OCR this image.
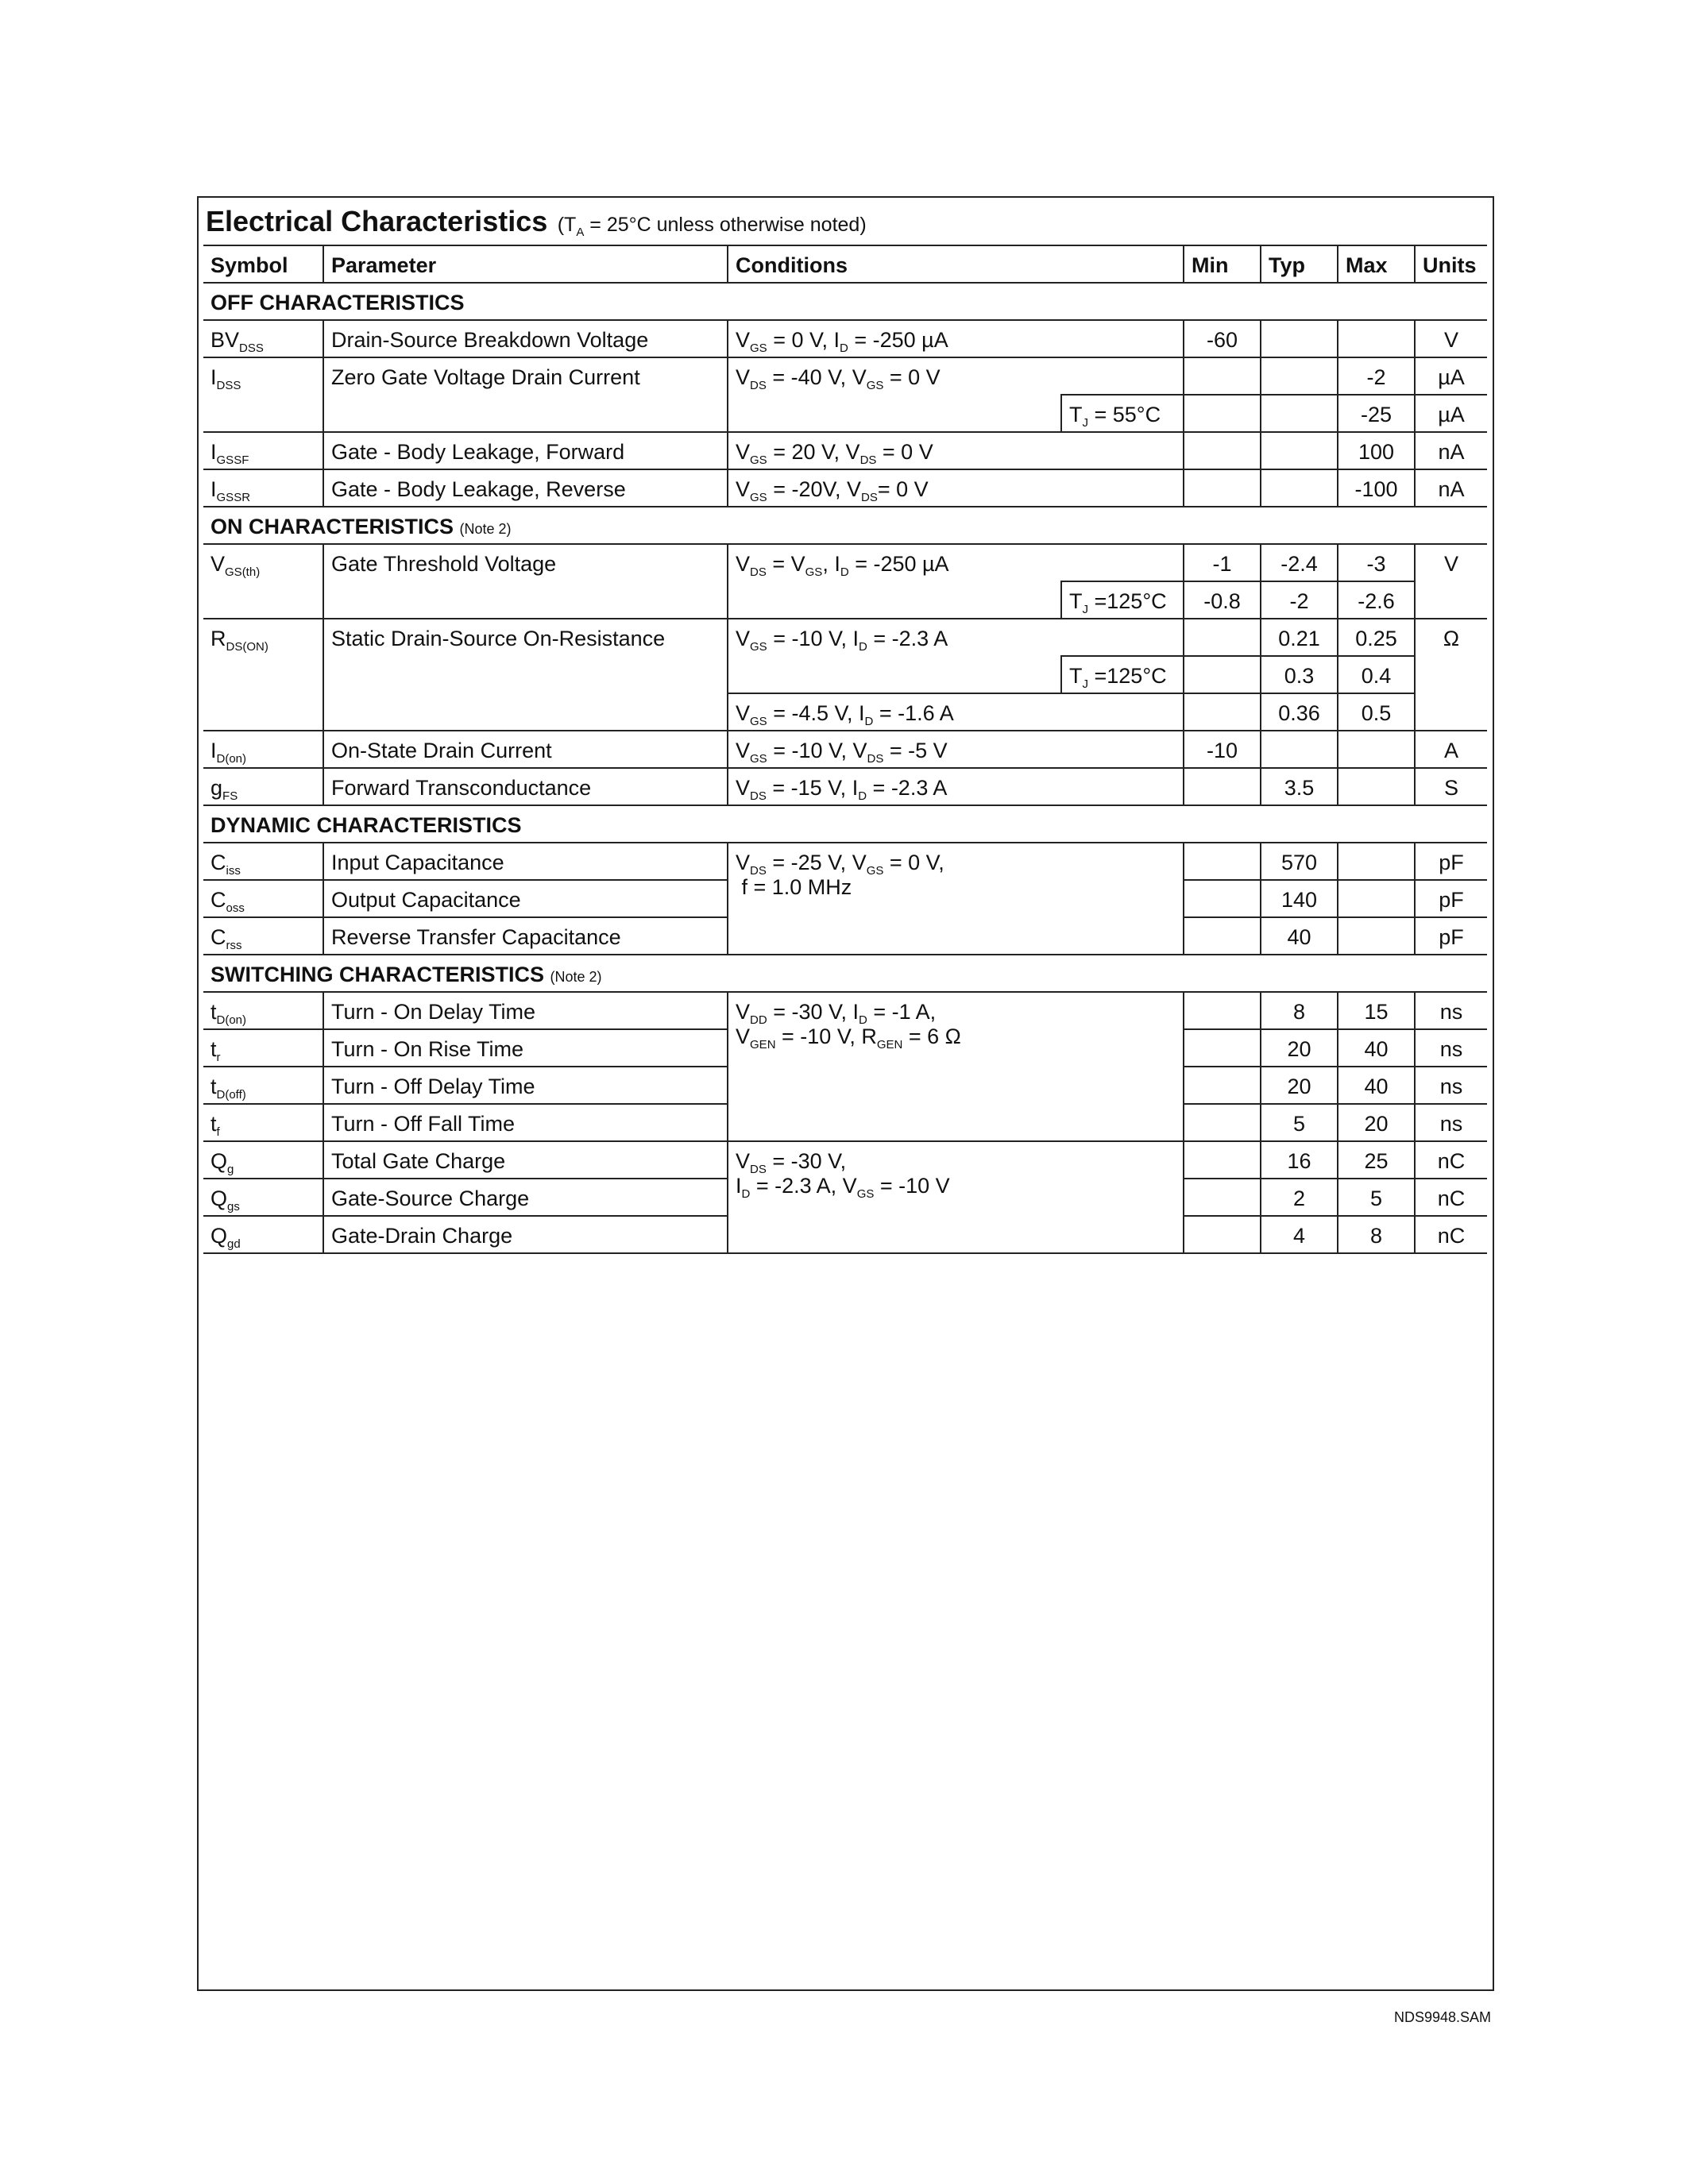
Electrical Characteristics ($T_A = 25^\circ C$ unless otherwise noted)
Symbol	Parameter	Conditions		Min	Typ	Max	Units
OFF CHARACTERISTICS							
$BV_{DSS}$	Drain-Source Breakdown Voltage	$V_{GS} = 0$ V, $I_D = -250$ µA		-60			V
$I_{DSS}$	Zero Gate Voltage Drain Current	$V_{DS} = -40$ V, $V_{GS} = 0$ V				-2	µA
			$T_J = 55^\circ C$			-25	µA
$I_{GSSF}$	Gate - Body Leakage, Forward	$V_{GS} = 20$ V, $V_{DS} = 0$ V				100	nA
$I_{GSSR}$	Gate - Body Leakage, Reverse	$V_{GS} = -20V$, $V_{DS}= 0$ V				-100	nA
ON CHARACTERISTICS (Note 2)							
$V_{GS(th)}$	Gate Threshold Voltage	$V_{DS} = V_{GS}$, $I_D = -250$ µA		-1	-2.4	-3	V
			$T_J =125^\circ C$	-0.8	-2	-2.6	
$R_{DS(ON)}$	Static Drain-Source On-Resistance	$V_{GS} = -10$ V, $I_D = -2.3$ A			0.21	0.25	Ω
			$T_J =125^\circ C$		0.3	0.4	
		$V_{GS} = -4.5$ V, $I_D = -1.6$ A			0.36	0.5	
$I_{D(on)}$	On-State Drain Current	$V_{GS} = -10$ V, $V_{DS} = -5$ V		-10			A
$g_{FS}$	Forward Transconductance	$V_{DS} = -15$ V, $I_D = -2.3$ A			3.5		S
DYNAMIC CHARACTERISTICS							
$C_{iss}$	Input Capacitance	$V_{DS} = -25$ V, $V_{GS} = 0$ V,
f = 1.0 MHz			570		pF
$C_{oss}$	Output Capacitance				140		pF
$C_{rss}$	Reverse Transfer Capacitance				40		pF
SWITCHING CHARACTERISTICS (Note 2)							
$t_{D(on)}$	Turn - On Delay Time	$V_{DD} = -30$ V, $I_D = -1$ A,
$V_{GEN} = -10$ V, $R_{GEN} = 6$ Ω			8	15	ns
$t_r$	Turn - On Rise Time				20	40	ns
$t_{D(off)}$	Turn - Off Delay Time				20	40	ns
$t_f$	Turn - Off Fall Time				5	20	ns
$Q_g$	Total Gate Charge	$V_{DS} = -30$ V,
$I_D = -2.3$ A, $V_{GS} = -10$ V			16	25	nC
$Q_{gs}$	Gate-Source Charge				2	5	nC
$Q_{gd}$	Gate-Drain Charge				4	8	nC
NDS9948.SAM
